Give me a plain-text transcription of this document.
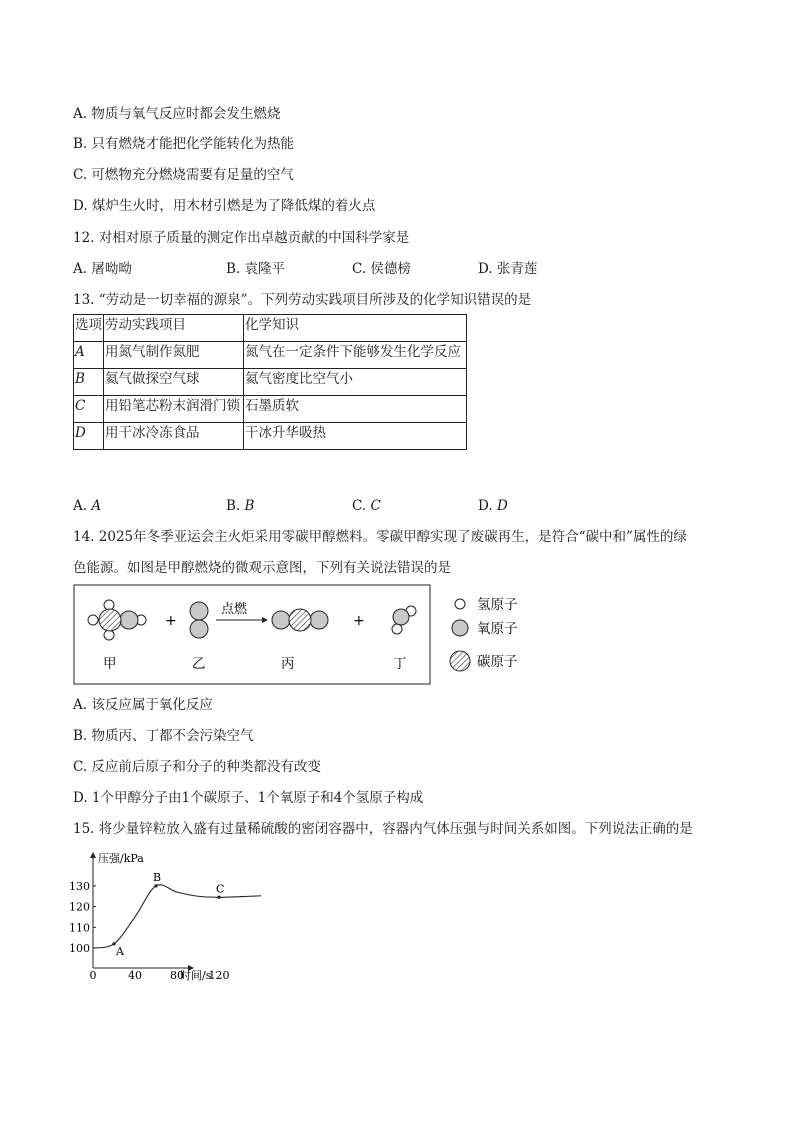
A. 物质与氧气反应时都会发生燃烧
B. 只有燃烧才能把化学能转化为热能
C. 可燃物充分燃烧需要有足量的空气
D. 煤炉生火时，用木材引燃是为了降低煤的着火点
12. 对相对原子质量的测定作出卓越贡献的中国科学家是
A. 屠呦呦	B. 袁隆平	C. 侯德榜	D. 张青莲
13. “劳动是一切幸福的源泉”。下列劳动实践项目所涉及的化学知识错误的是
选项	劳动实践项目	化学知识
A	用氮气制作氮肥	氮气在一定条件下能够发生化学反应
B	氦气做探空气球	氦气密度比空气小
C	用铅笔芯粉末润滑门锁	石墨质软
D	用干冰冷冻食品	干冰升华吸热
A. A	B. B	C. C	D. D
14. 2025年冬季亚运会主火炬采用零碳甲醇燃料。零碳甲醇实现了废碳再生，是符合“碳中和”属性的绿
色能源。如图是甲醇燃烧的微观示意图，下列有关说法错误的是
+
点燃
+
甲	乙	丙	丁
氢原子
氧原子
碳原子
压强/kPa
时间/s
100
110
120
130
0	40	80 120
A
B
C
A. 该反应属于氧化反应
B. 物质丙、丁都不会污染空气
C. 反应前后原子和分子的种类都没有改变
D. 1个甲醇分子由1个碳原子、1个氧原子和4个氢原子构成
15. 将少量锌粒放入盛有过量稀硫酸的密闭容器中，容器内气体压强与时间关系如图。下列说法正确的是
